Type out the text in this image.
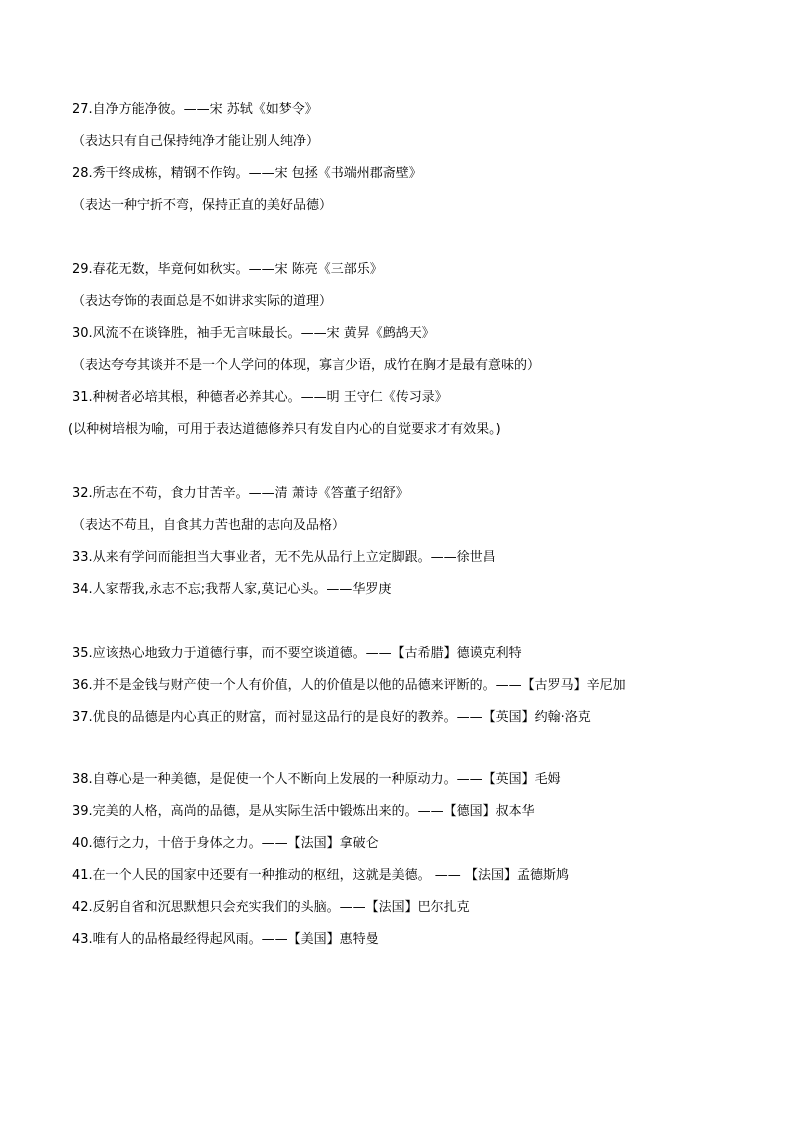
27.自净方能净彼。——宋 苏轼《如梦令》
（表达只有自己保持纯净才能让别人纯净）
28.秀干终成栋，精钢不作钩。——宋 包拯《书端州郡斋壁》
（表达一种宁折不弯，保持正直的美好品德）
29.春花无数，毕竟何如秋实。——宋 陈亮《三部乐》
（表达夸饰的表面总是不如讲求实际的道理）
30.风流不在谈锋胜，袖手无言味最长。——宋 黄昇《鹧鸪天》
（表达夸夸其谈并不是一个人学问的体现，寡言少语，成竹在胸才是最有意味的）
31.种树者必培其根，种德者必养其心。——明 王守仁《传习录》
(以种树培根为喻，可用于表达道德修养只有发自内心的自觉要求才有效果。)
32.所志在不苟，食力甘苦辛。——清 萧诗《答董子绍舒》
（表达不苟且，自食其力苦也甜的志向及品格）
33.从来有学问而能担当大事业者，无不先从品行上立定脚跟。——徐世昌
34.人家帮我,永志不忘;我帮人家,莫记心头。——华罗庚
35.应该热心地致力于道德行事，而不要空谈道德。——【古希腊】德谟克利特
36.并不是金钱与财产使一个人有价值，人的价值是以他的品德来评断的。——【古罗马】辛尼加
37.优良的品德是内心真正的财富，而衬显这品行的是良好的教养。——【英国】约翰·洛克
38.自尊心是一种美德，是促使一个人不断向上发展的一种原动力。——【英国】毛姆
39.完美的人格，高尚的品德，是从实际生活中锻炼出来的。——【德国】叔本华
40.德行之力，十倍于身体之力。——【法国】拿破仑
41.在一个人民的国家中还要有一种推动的枢纽，这就是美德。 —— 【法国】孟德斯鸠
42.反躬自省和沉思默想只会充实我们的头脑。——【法国】巴尔扎克
43.唯有人的品格最经得起风雨。——【美国】惠特曼
